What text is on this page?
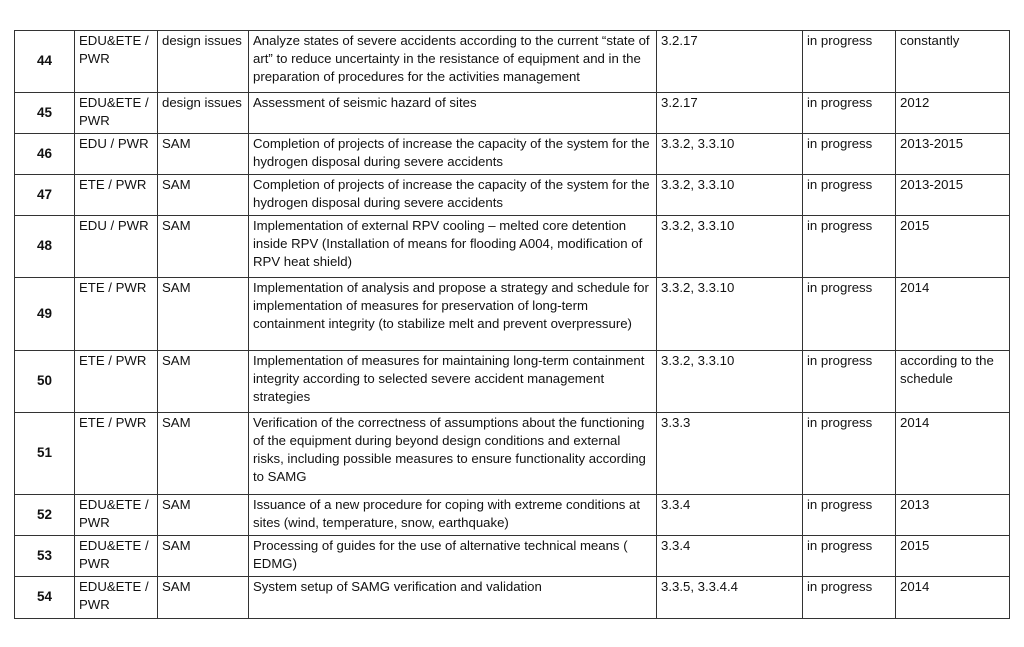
44	EDU&ETE / PWR	design issues	Analyze states of severe accidents according to the current “state of art” to reduce uncertainty in the resistance of equipment and in the preparation of procedures for the activities management	3.2.17	in progress	constantly
45	EDU&ETE / PWR	design issues	Assessment of seismic hazard of sites	3.2.17	in progress	2012
46	EDU / PWR	SAM	Completion of projects of increase the capacity of the system for the hydrogen disposal during severe accidents	3.3.2, 3.3.10	in progress	2013-2015
47	ETE / PWR	SAM	Completion of projects of increase the capacity of the system for the hydrogen disposal during severe accidents	3.3.2, 3.3.10	in progress	2013-2015
48	EDU / PWR	SAM	Implementation of external RPV cooling – melted core detention inside RPV (Installation of means for flooding A004, modification of RPV heat shield)	3.3.2, 3.3.10	in progress	2015
49	ETE / PWR	SAM	Implementation of analysis and propose a strategy and schedule for implementation of measures for preservation of long-term containment integrity (to stabilize melt and prevent overpressure)	3.3.2, 3.3.10	in progress	2014
50	ETE / PWR	SAM	Implementation of measures for maintaining long-term containment integrity according to selected severe accident management strategies	3.3.2, 3.3.10	in progress	according to the schedule
51	ETE / PWR	SAM	Verification of the correctness of assumptions about the functioning of the equipment during beyond design conditions and external risks, including possible measures to ensure functionality according to SAMG	3.3.3	in progress	2014
52	EDU&ETE / PWR	SAM	Issuance of a new procedure for coping with extreme conditions at sites (wind, temperature, snow, earthquake)	3.3.4	in progress	2013
53	EDU&ETE / PWR	SAM	Processing of guides for the use of alternative technical means ( EDMG)	3.3.4	in progress	2015
54	EDU&ETE / PWR	SAM	System setup of SAMG verification and validation	3.3.5, 3.3.4.4	in progress	2014
